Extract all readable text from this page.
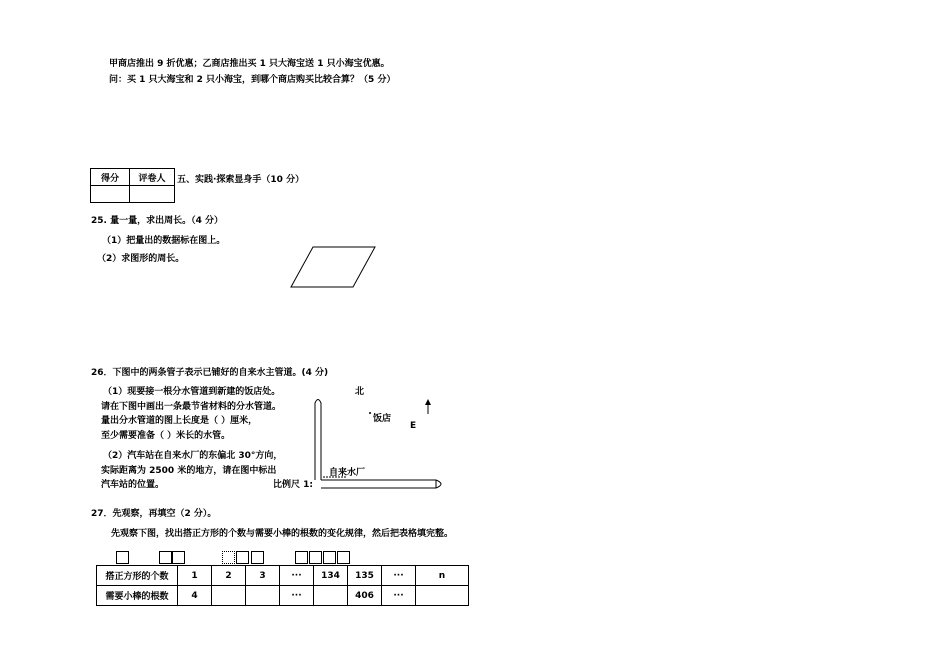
甲商店推出 9 折优惠；乙商店推出买 1 只大海宝送 1 只小海宝优惠。
问：买 1 只大海宝和 2 只小海宝，到哪个商店购买比较合算？（5 分）
得分	评卷人
	五、实践·探索显身手（10 分）
25. 量一量，求出周长。（4 分）
（1）把量出的数据标在图上。
（2）求图形的周长。
26．下图中的两条管子表示已铺好的自来水主管道。(4 分)
（1）现要接一根分水管道到新建的饭店处。
请在下图中画出一条最节省材料的分水管道。
量出分水管道的图上长度是（ ）厘米，
至少需要准备（ ）米长的水管。
（2）汽车站在自来水厂的东偏北 30°方向，
实际距离为 2500 米的地方，请在图中标出
汽车站的位置。
北
饭店
E
自来水厂
比例尺 1:
27．先观察，再填空（2 分）。
先观察下图，找出搭正方形的个数与需要小棒的根数的变化规律，然后把表格填完整。
搭正方形的个数	1	2	3	···	134	135	···	n
需要小棒的根数	4			···		406	···	
